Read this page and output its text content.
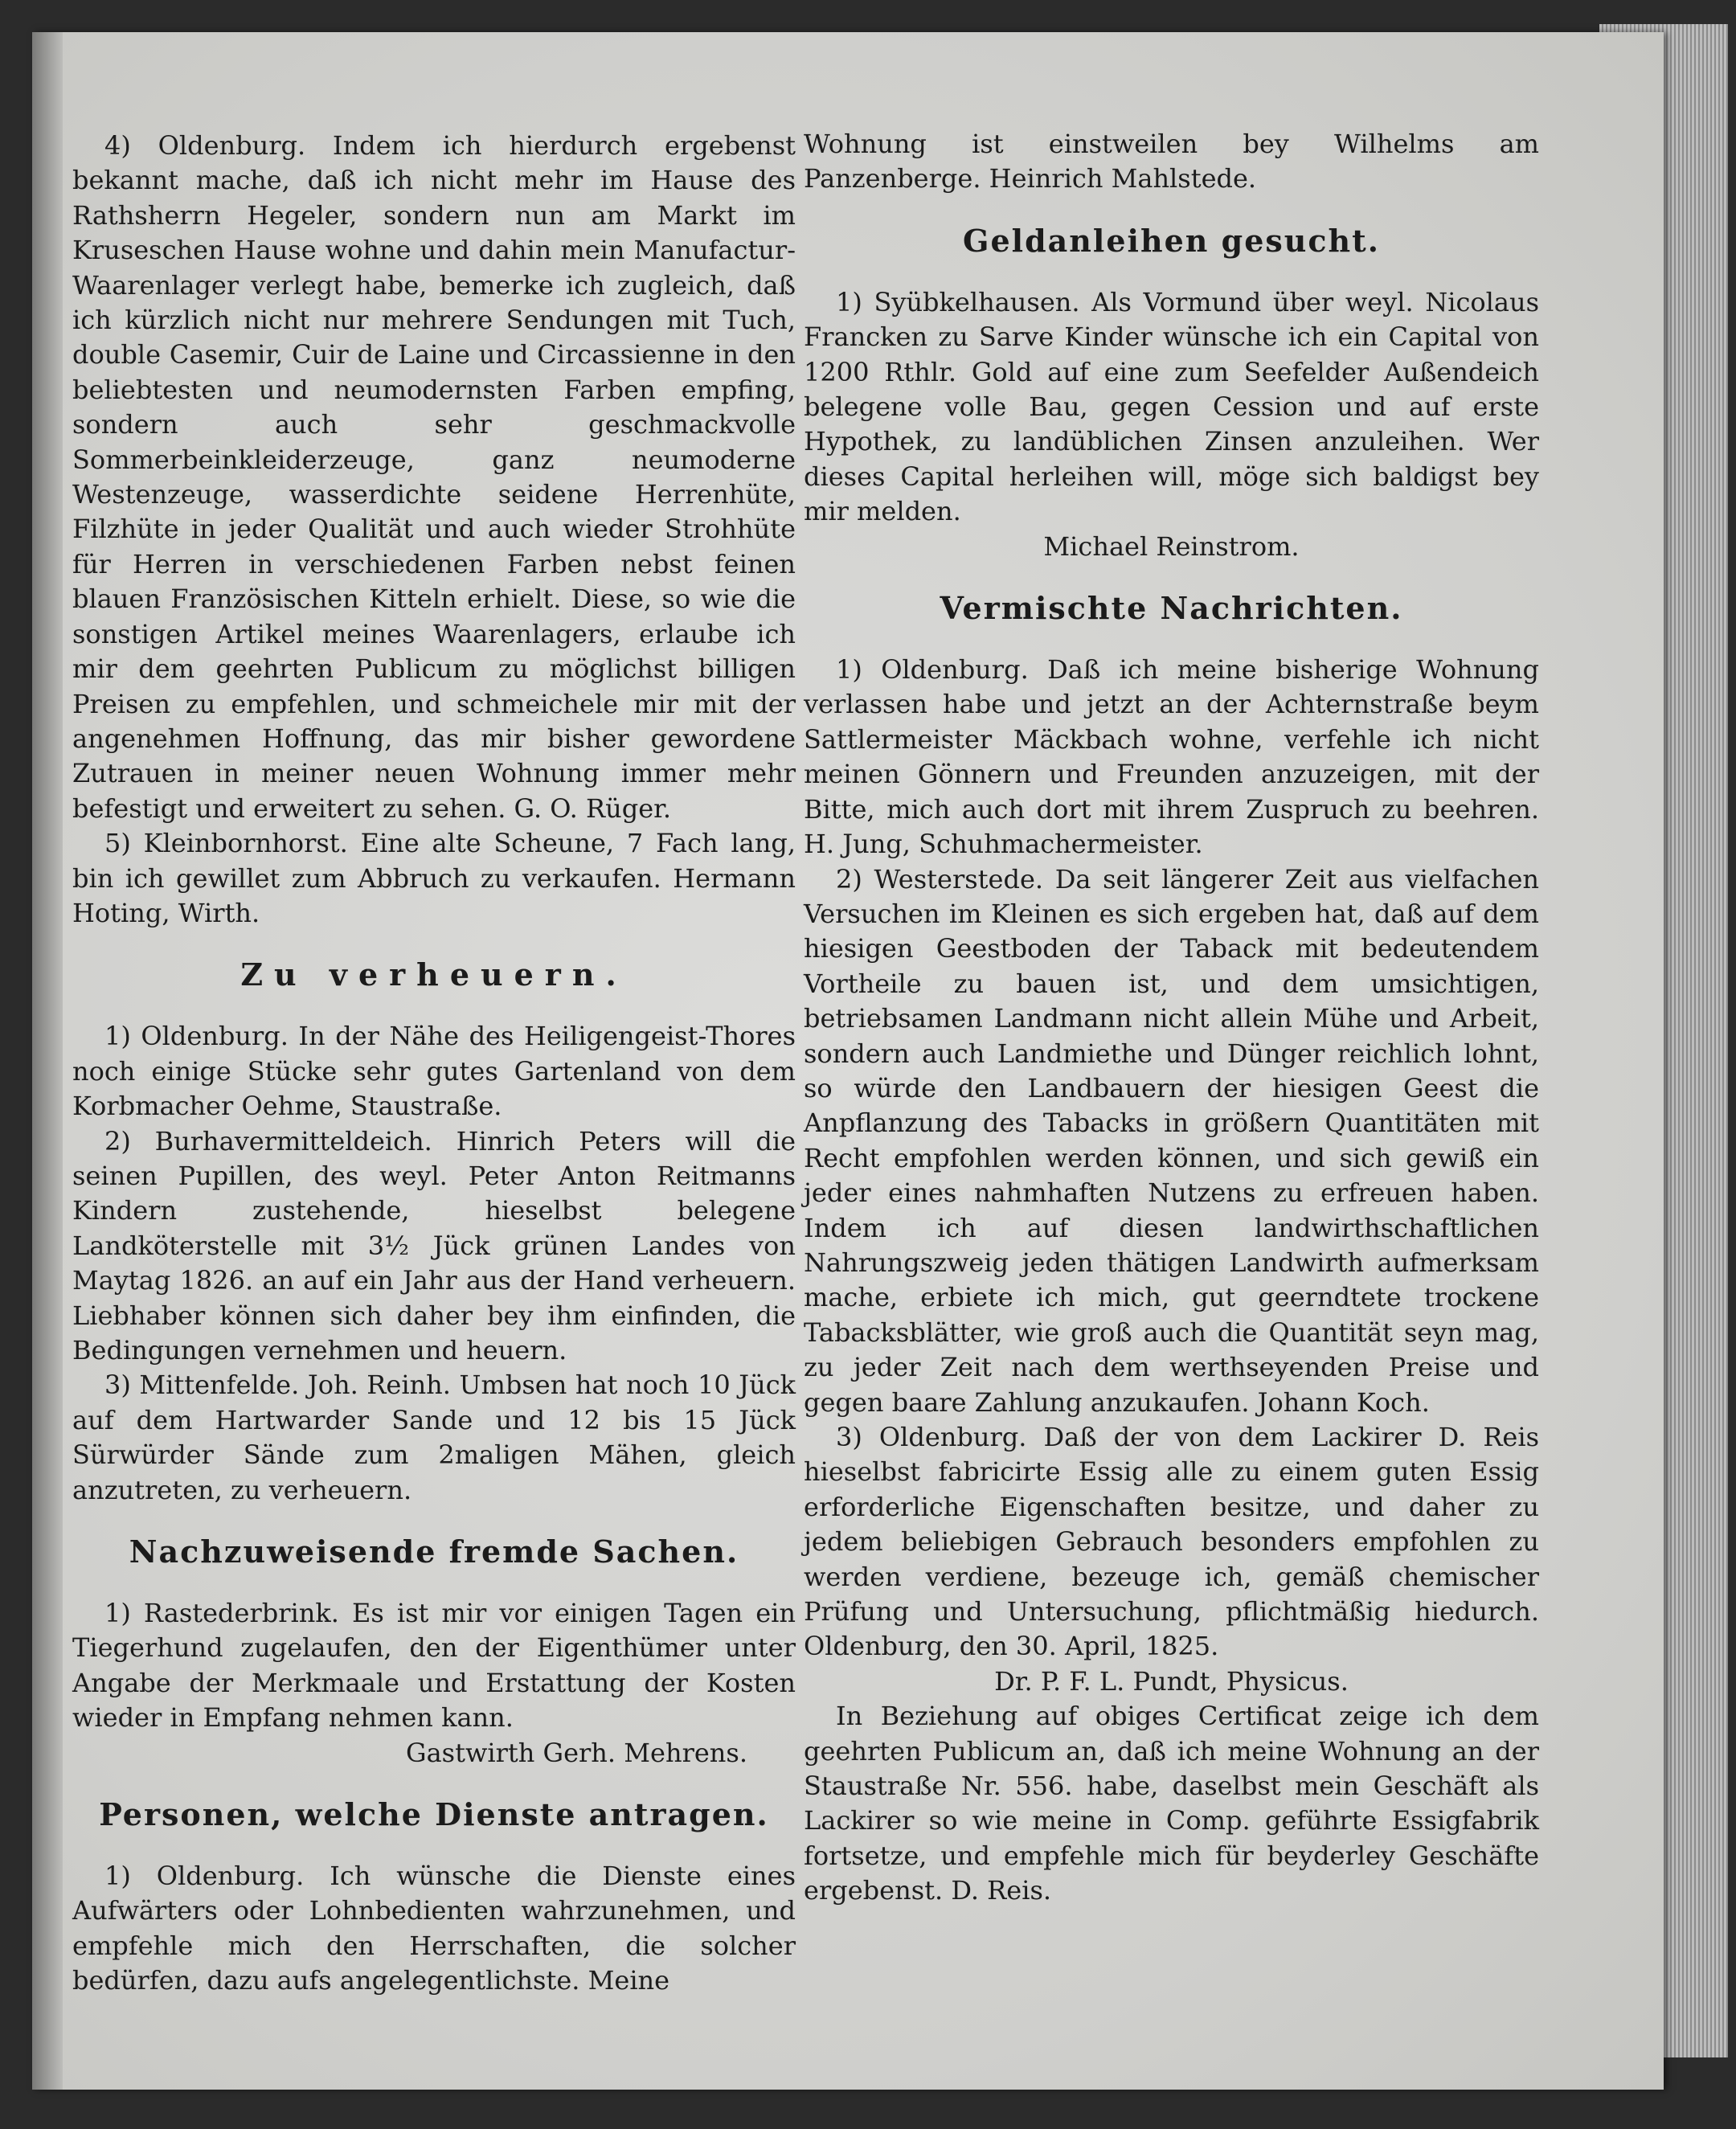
4) Oldenburg. Indem ich hierdurch ergebenst bekannt mache, daß ich nicht mehr im Hause des Rathsherrn Hegeler, sondern nun am Markt im Kruseschen Hause wohne und dahin mein Manufactur-Waarenlager verlegt habe, bemerke ich zugleich, daß ich kürzlich nicht nur mehrere Sendungen mit Tuch, double Casemir, Cuir de Laine und Circassienne in den beliebtesten und neumodernsten Farben empfing, sondern auch sehr geschmackvolle Sommerbeinkleiderzeuge, ganz neumoderne Westenzeuge, wasserdichte seidene Herrenhüte, Filzhüte in jeder Qualität und auch wieder Strohhüte für Herren in verschiedenen Farben nebst feinen blauen Französischen Kitteln erhielt. Diese, so wie die sonstigen Artikel meines Waarenlagers, erlaube ich mir dem geehrten Publicum zu möglichst billigen Preisen zu empfehlen, und schmeichele mir mit der angenehmen Hoffnung, das mir bisher gewordene Zutrauen in meiner neuen Wohnung immer mehr befestigt und erweitert zu sehen. G. O. Rüger.

5) Kleinbornhorst. Eine alte Scheune, 7 Fach lang, bin ich gewillet zum Abbruch zu verkaufen. Hermann Hoting, Wirth.

Zu verheuern.

1) Oldenburg. In der Nähe des Heiligengeist-Thores noch einige Stücke sehr gutes Gartenland von dem Korbmacher Oehme, Staustraße.

2) Burhavermitteldeich. Hinrich Peters will die seinen Pupillen, des weyl. Peter Anton Reitmanns Kindern zustehende, hieselbst belegene Landköterstelle mit 3½ Jück grünen Landes von Maytag 1826. an auf ein Jahr aus der Hand verheuern. Liebhaber können sich daher bey ihm einfinden, die Bedingungen vernehmen und heuern.

3) Mittenfelde. Joh. Reinh. Umbsen hat noch 10 Jück auf dem Hartwarder Sande und 12 bis 15 Jück Sürwürder Sände zum 2maligen Mähen, gleich anzutreten, zu verheuern.

Nachzuweisende fremde Sachen.

1) Rastederbrink. Es ist mir vor einigen Tagen ein Tiegerhund zugelaufen, den der Eigenthümer unter Angabe der Merkmaale und Erstattung der Kosten wieder in Empfang nehmen kann.

Gastwirth Gerh. Mehrens.

Personen, welche Dienste antragen.

1) Oldenburg. Ich wünsche die Dienste eines Aufwärters oder Lohnbedienten wahrzunehmen, und empfehle mich den Herrschaften, die solcher bedürfen, dazu aufs angelegentlichste. Meine

Wohnung ist einstweilen bey Wilhelms am Panzenberge. Heinrich Mahlstede.

Geldanleihen gesucht.

1) Syübkelhausen. Als Vormund über weyl. Nicolaus Francken zu Sarve Kinder wünsche ich ein Capital von 1200 Rthlr. Gold auf eine zum Seefelder Außendeich belegene volle Bau, gegen Cession und auf erste Hypothek, zu landüblichen Zinsen anzuleihen. Wer dieses Capital herleihen will, möge sich baldigst bey mir melden.

Michael Reinstrom.

Vermischte Nachrichten.

1) Oldenburg. Daß ich meine bisherige Wohnung verlassen habe und jetzt an der Achternstraße beym Sattlermeister Mäckbach wohne, verfehle ich nicht meinen Gönnern und Freunden anzuzeigen, mit der Bitte, mich auch dort mit ihrem Zuspruch zu beehren. H. Jung, Schuhmachermeister.

2) Westerstede. Da seit längerer Zeit aus vielfachen Versuchen im Kleinen es sich ergeben hat, daß auf dem hiesigen Geestboden der Taback mit bedeutendem Vortheile zu bauen ist, und dem umsichtigen, betriebsamen Landmann nicht allein Mühe und Arbeit, sondern auch Landmiethe und Dünger reichlich lohnt, so würde den Landbauern der hiesigen Geest die Anpflanzung des Tabacks in größern Quantitäten mit Recht empfohlen werden können, und sich gewiß ein jeder eines nahmhaften Nutzens zu erfreuen haben. Indem ich auf diesen landwirthschaftlichen Nahrungszweig jeden thätigen Landwirth aufmerksam mache, erbiete ich mich, gut geerndtete trockene Tabacksblätter, wie groß auch die Quantität seyn mag, zu jeder Zeit nach dem werthseyenden Preise und gegen baare Zahlung anzukaufen. Johann Koch.

3) Oldenburg. Daß der von dem Lackirer D. Reis hieselbst fabricirte Essig alle zu einem guten Essig erforderliche Eigenschaften besitze, und daher zu jedem beliebigen Gebrauch besonders empfohlen zu werden verdiene, bezeuge ich, gemäß chemischer Prüfung und Untersuchung, pflichtmäßig hiedurch. Oldenburg, den 30. April, 1825.

Dr. P. F. L. Pundt, Physicus.

In Beziehung auf obiges Certificat zeige ich dem geehrten Publicum an, daß ich meine Wohnung an der Staustraße Nr. 556. habe, daselbst mein Geschäft als Lackirer so wie meine in Comp. geführte Essigfabrik fortsetze, und empfehle mich für beyderley Geschäfte ergebenst. D. Reis.
